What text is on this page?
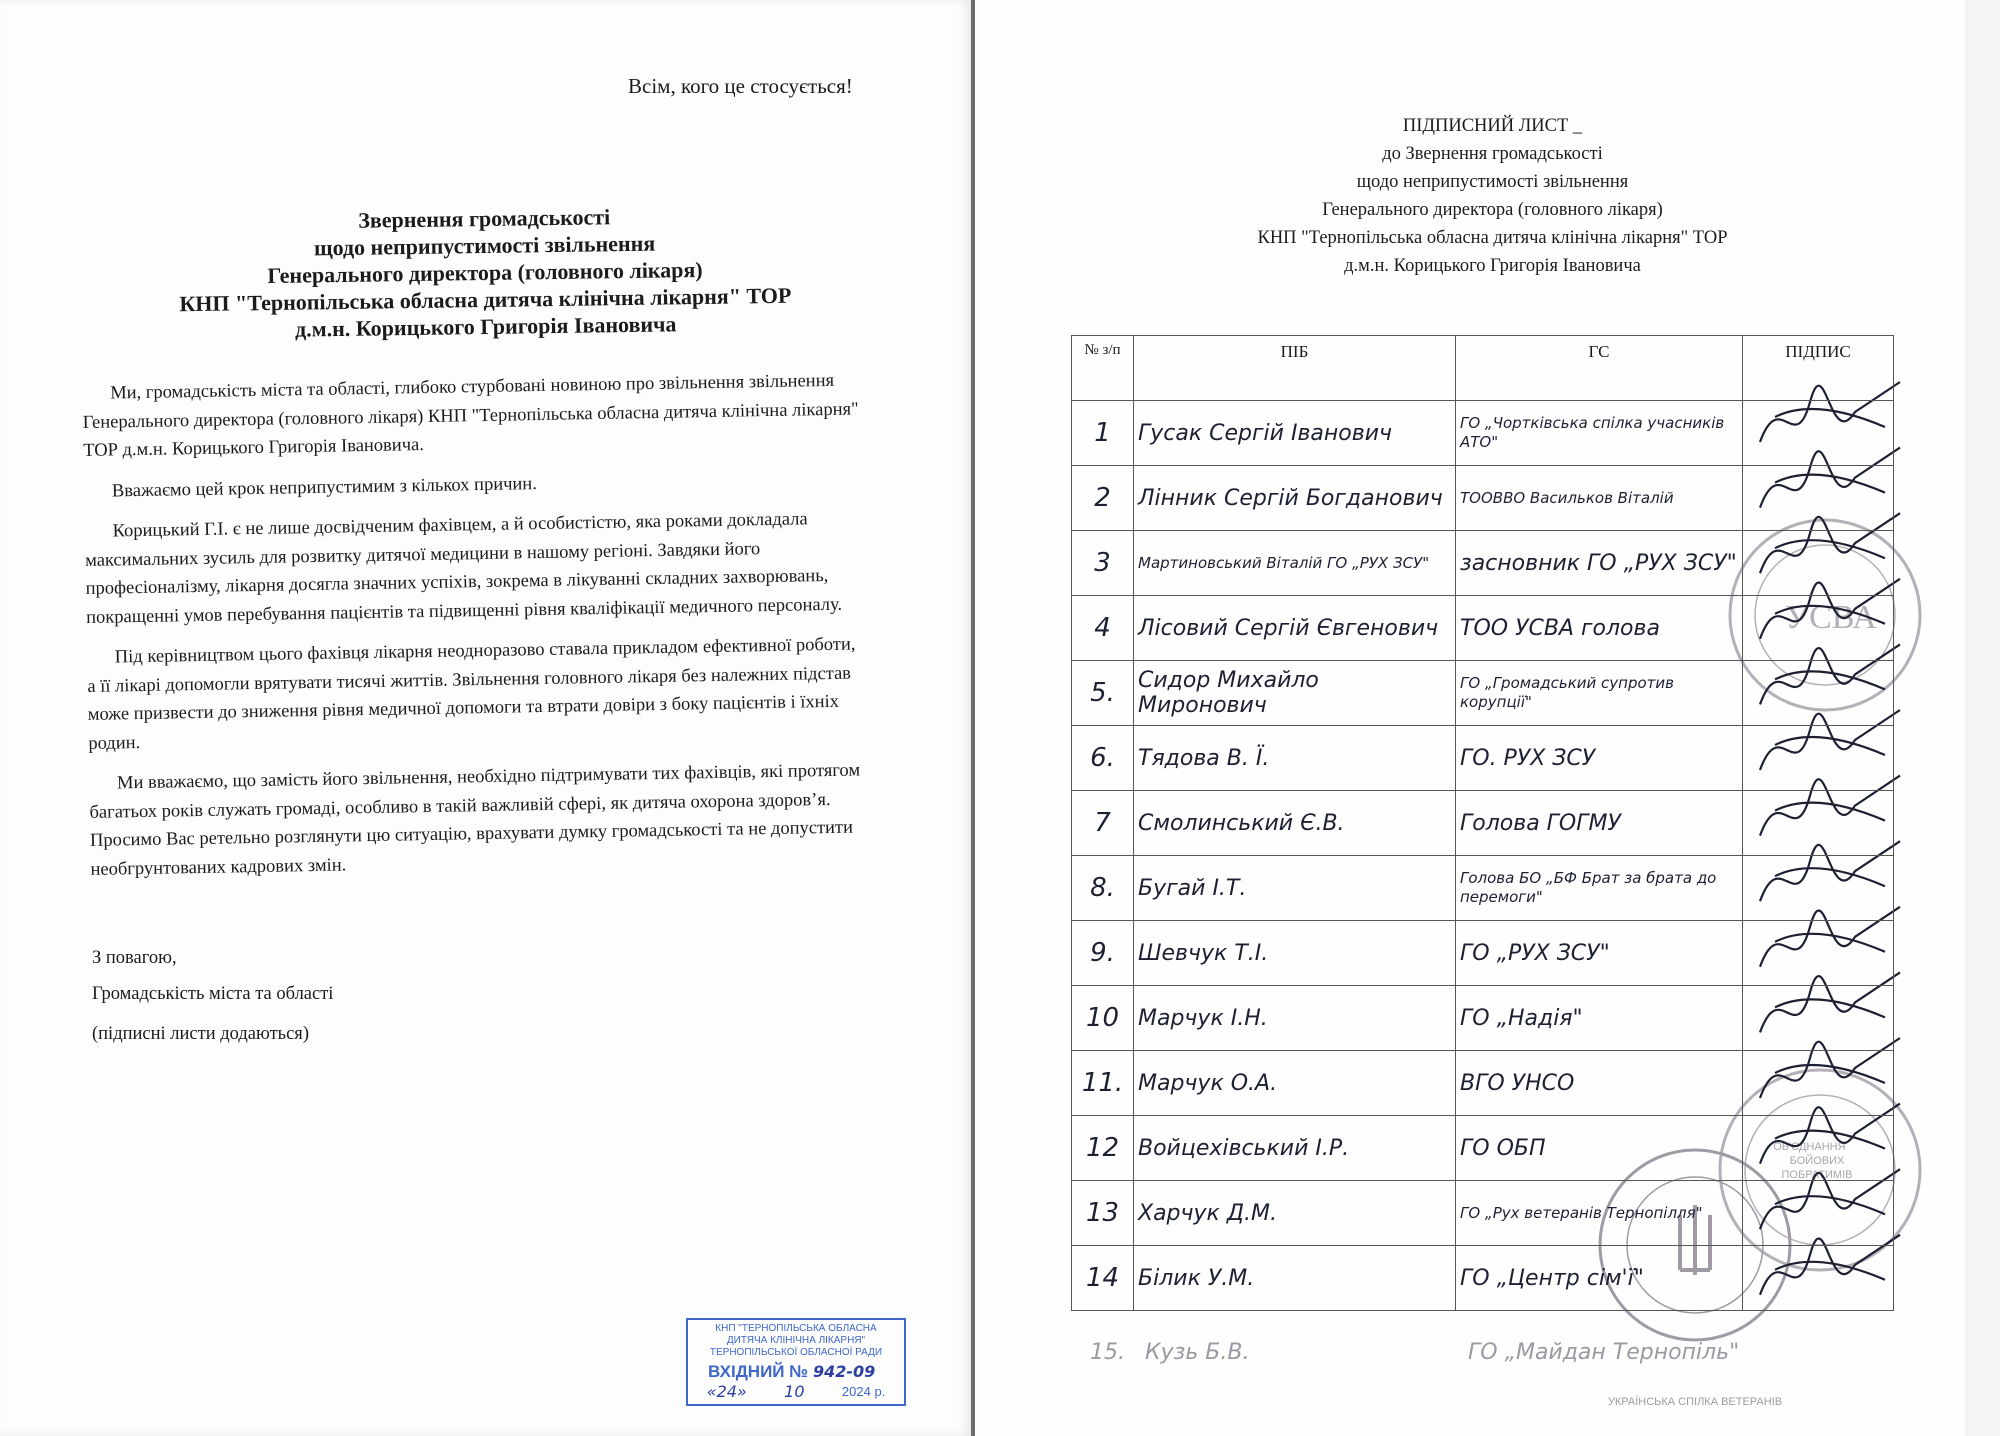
Всім, кого це стосується!
Звернення громадськості
щодо неприпустимості звільнення
Генерального директора (головного лікаря)
КНП "Тернопільська обласна дитяча клінічна лікарня" ТОР
д.м.н. Корицького Григорія Івановича

Ми, громадськість міста та області, глибоко стурбовані новиною про звільнення звільнення Генерального директора (головного лікаря) КНП "Тернопільська обласна дитяча клінічна лікарня" ТОР д.м.н. Корицького Григорія Івановича.

Вважаємо цей крок неприпустимим з кількох причин.

Корицький Г.І. є не лише досвідченим фахівцем, а й особистістю, яка роками докладала максимальних зусиль для розвитку дитячої медицини в нашому регіоні. Завдяки його професіоналізму, лікарня досягла значних успіхів, зокрема в лікуванні складних захворювань, покращенні умов перебування пацієнтів та підвищенні рівня кваліфікації медичного персоналу.

Під керівництвом цього фахівця лікарня неодноразово ставала прикладом ефективної роботи, а її лікарі допомогли врятувати тисячі життів. Звільнення головного лікаря без належних підстав може призвести до зниження рівня медичної допомоги та втрати довіри з боку пацієнтів і їхніх родин.

Ми вважаємо, що замість його звільнення, необхідно підтримувати тих фахівців, які протягом багатьох років служать громаді, особливо в такій важливій сфері, як дитяча охорона здоров’я. Просимо Вас ретельно розглянути цю ситуацію, врахувати думку громадськості та не допустити необгрунтованих кадрових змін.

З повагою,
Громадськість міста та області
(підписні листи додаються)
КНП "ТЕРНОПІЛЬСЬКА ОБЛАСНА
ДИТЯЧА КЛІНІЧНА ЛІКАРНЯ"
ТЕРНОПІЛЬСЬКОЇ ОБЛАСНОЇ РАДИ
ВХІДНИЙ № 942-09
«24» 10	2024 р.
ПІДПИСНИЙ ЛИСТ _
до Звернення громадськості
щодо неприпустимості звільнення
Генерального директора (головного лікаря)
КНП "Тернопільська обласна дитяча клінічна лікарня" ТОР
д.м.н. Корицького Григорія Івановича
УСВА
ОБ'ЄДНАННЯ БОЙОВИХ ПОБРАТИМІВ
УКРАЇНСЬКА СПІЛКА ВЕТЕРАНІВ
№ з/п	ПІБ	ГС	ПІДПИС
1	Гусак Сергій Іванович	ГО „Чортківська спілка учасників АТО"	
2	Лінник Сергій Богданович	ТООВВО Васильков Віталій	
3	Мартиновський Віталій ГО „РУХ ЗСУ"	засновник ГО „РУХ ЗСУ"	
4	Лісовий Сергій Євгенович	ТОО УСВА голова	
5.	Сидор Михайло Миронович	ГО „Громадський супротив корупції"	
6.	Тядова В. Ї.	ГО. РУХ ЗСУ	
7	Смолинський Є.В.	Голова ГОГМУ	
8.	Бугай І.Т.	Голова БО „БФ Брат за брата до перемоги"	
9.	Шевчук Т.І.	ГО „РУХ ЗСУ"	
10	Марчук І.Н.	ГО „Надія"	
11.	Марчук О.А.	ВГО УНСО	
12	Войцехівський І.Р.	ГО ОБП	
13	Харчук Д.М.	ГО „Рух ветеранів Тернопілля"	
14	Білик У.М.	ГО „Центр сім'ї"	
15. Кузь Б.В.	ГО „Майдан Тернопіль"
